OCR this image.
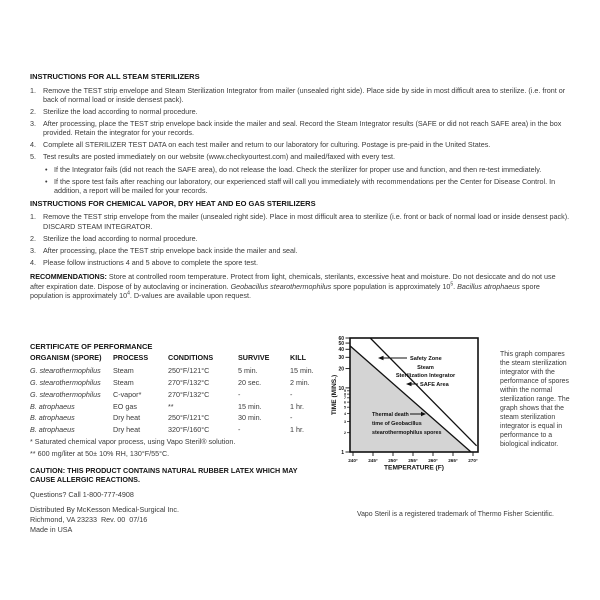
INSTRUCTIONS FOR ALL STEAM STERILIZERS
1. Remove the TEST strip envelope and Steam Sterilization Integrator from mailer (unsealed right side). Place side by side in most difficult area to sterilize. (i.e. front or back of normal load or inside densest pack).
2. Sterilize the load according to normal procedure.
3. After processing, place the TEST strip envelope back inside the mailer and seal. Record the Steam Integrator results (SAFE or did not reach SAFE area) in the box provided. Retain the integrator for your records.
4. Complete all STERILIZER TEST DATA on each test mailer and return to our laboratory for culturing. Postage is pre-paid in the United States.
5. Test results are posted immediately on our website (www.checkyourtest.com) and mailed/faxed with every test.
• If the Integrator fails (did not reach the SAFE area), do not release the load. Check the sterilizer for proper use and function, and then re-test immediately.
• If the spore test fails after reaching our laboratory, our experienced staff will call you immediately with recommendations per the Center for Disease Control. In addition, a report will be mailed for your records.
INSTRUCTIONS FOR CHEMICAL VAPOR, DRY HEAT AND EO GAS STERILIZERS
1. Remove the TEST strip envelope from the mailer (unsealed right side). Place in most difficult area to sterilize (i.e. front or back of normal load or inside densest pack). DISCARD STEAM INTEGRATOR.
2. Sterilize the load according to normal procedure.
3. After processing, place the TEST strip envelope back inside the mailer and seal.
4. Please follow instructions 4 and 5 above to complete the spore test.
RECOMMENDATIONS: Store at controlled room temperature. Protect from light, chemicals, sterilants, excessive heat and moisture. Do not desiccate and do not use after expiration date. Dispose of by autoclaving or incineration. Geobacillus stearothermophilus spore population is approximately $10^5$. Bacillus atrophaeus spore population is approximately $10^4$. D-values are available upon request.
CERTIFICATE OF PERFORMANCE
ORGANISM (SPORE)	PROCESS	CONDITIONS	SURVIVE	KILL
G. stearothermophilus	Steam	250°F/121°C	5 min.	15 min.
G. stearothermophilus	Steam	270°F/132°C	20 sec.	2 min.
G. stearothermophilus	C-vapor*	270°F/132°C	-	-
B. atrophaeus	EO gas	**	15 min.	1 hr.
B. atrophaeus	Dry heat	250°F/121°C	30 min.	-
B. atrophaeus	Dry heat	320°F/160°C	-	1 hr.
* Saturated chemical vapor process, using Vapo Steril® solution.
** 600 mg/liter at 50± 10% RH, 130°F/55°C.
CAUTION: THIS PRODUCT CONTAINS NATURAL RUBBER LATEX WHICH MAY CAUSE ALLERGIC REACTIONS.
Questions? Call 1-800-777-4908
Distributed By McKesson Medical-Surgical Inc.
Richmond, VA 23233  Rev. 00  07/16
Made in USA
60
50
40
30
20
10
1
9
8
7
6
5
4
3
2
240° 245° 250° 255° 260° 265° 270°
TEMPERATURE (F)
TIME (MINS.)
Safety Zone
Steam
Sterilization Integrator
SAFE Area
Thermal death
time of Geobacillus
stearothermophilus spores
This graph compares the steam sterilization integrator with the performance of spores within the normal sterilization range. The graph shows that the steam sterilization integrator is equal in performance to a biological indicator.
Vapo Steril is a registered trademark of Thermo Fisher Scientific.
